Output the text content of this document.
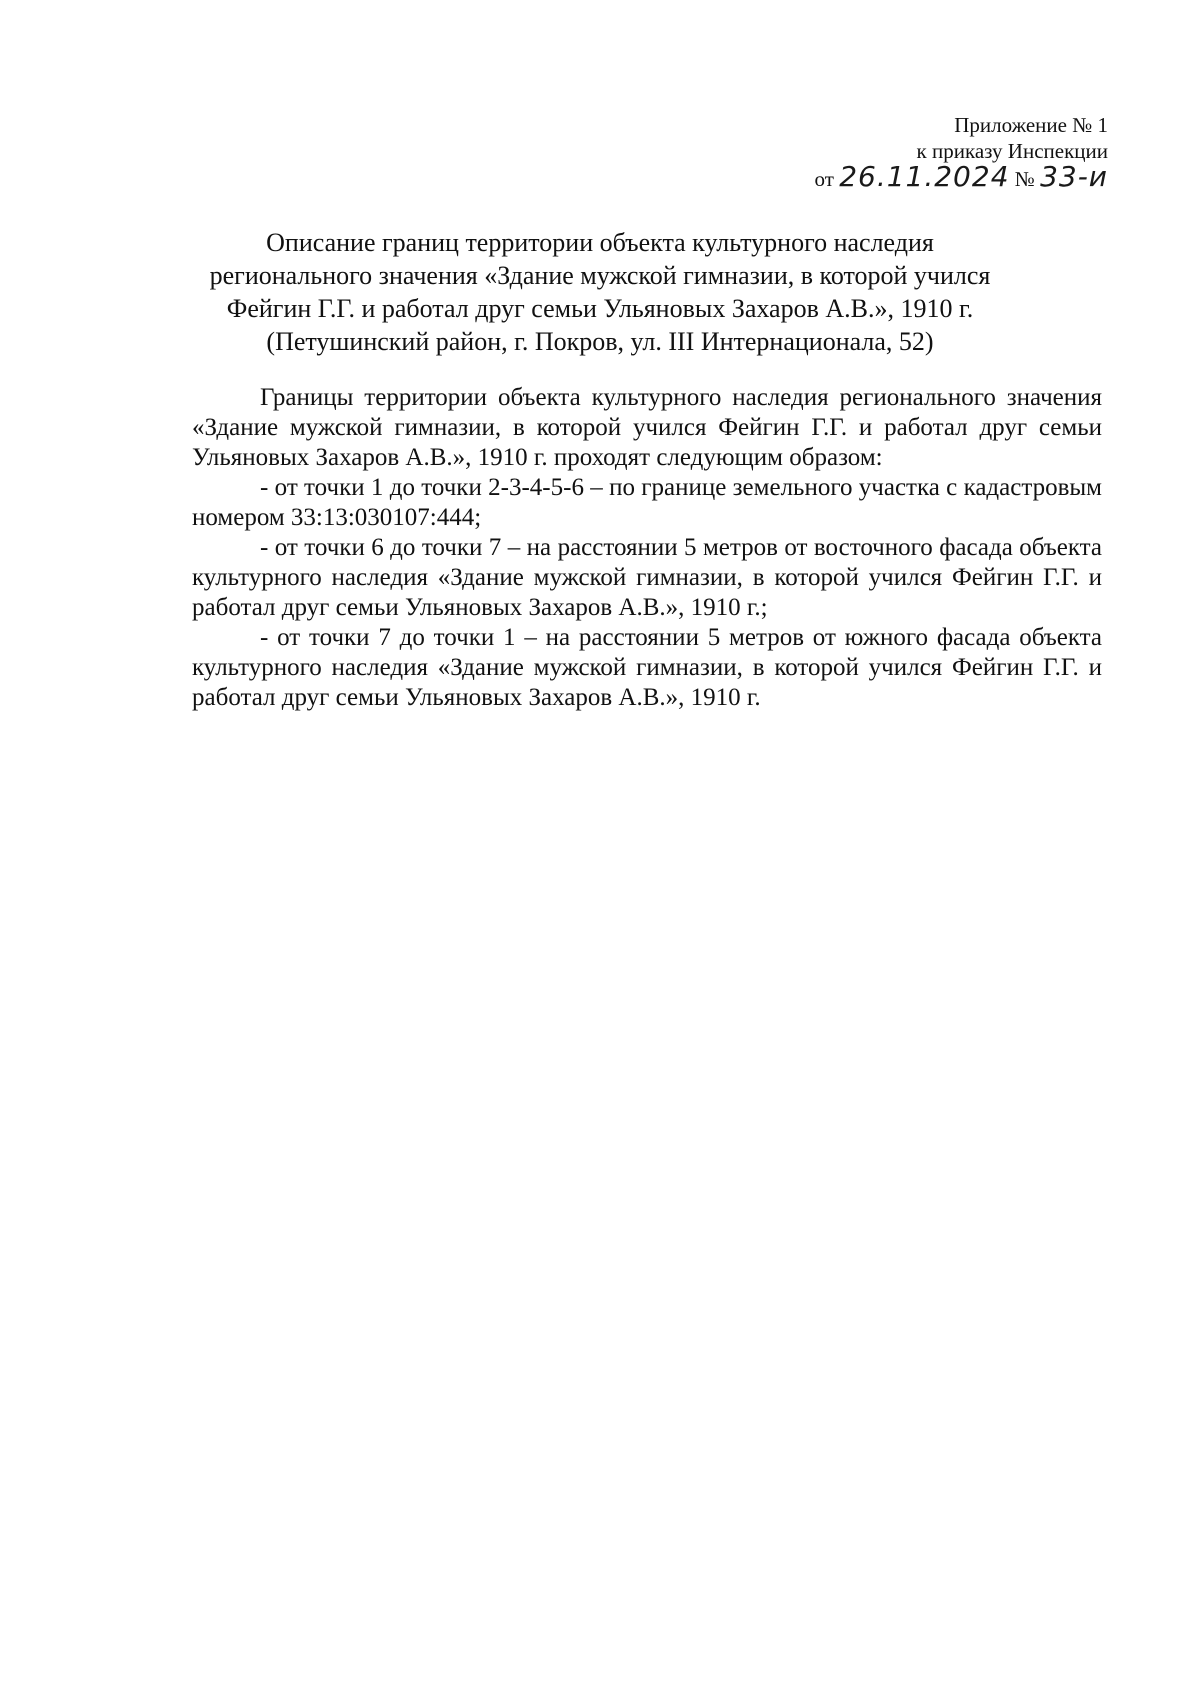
Приложение № 1
к приказу Инспекции
от 26.11.2024 № 33-и
Описание границ территории объекта культурного наследия
регионального значения «Здание мужской гимназии, в которой учился
Фейгин Г.Г. и работал друг семьи Ульяновых Захаров А.В.», 1910 г.
(Петушинский район, г. Покров, ул. III Интернационала, 52)

Границы территории объекта культурного наследия регионального значения «Здание мужской гимназии, в которой учился Фейгин Г.Г. и работал друг семьи Ульяновых Захаров А.В.», 1910 г. проходят следующим образом:

- от точки 1 до точки 2-3-4-5-6 – по границе земельного участка с кадастровым номером 33:13:030107:444;

- от точки 6 до точки 7 – на расстоянии 5 метров от восточного фасада объекта культурного наследия «Здание мужской гимназии, в которой учился Фейгин Г.Г. и работал друг семьи Ульяновых Захаров А.В.», 1910 г.;

- от точки 7 до точки 1 – на расстоянии 5 метров от южного фасада объекта культурного наследия «Здание мужской гимназии, в которой учился Фейгин Г.Г. и работал друг семьи Ульяновых Захаров А.В.», 1910 г.
